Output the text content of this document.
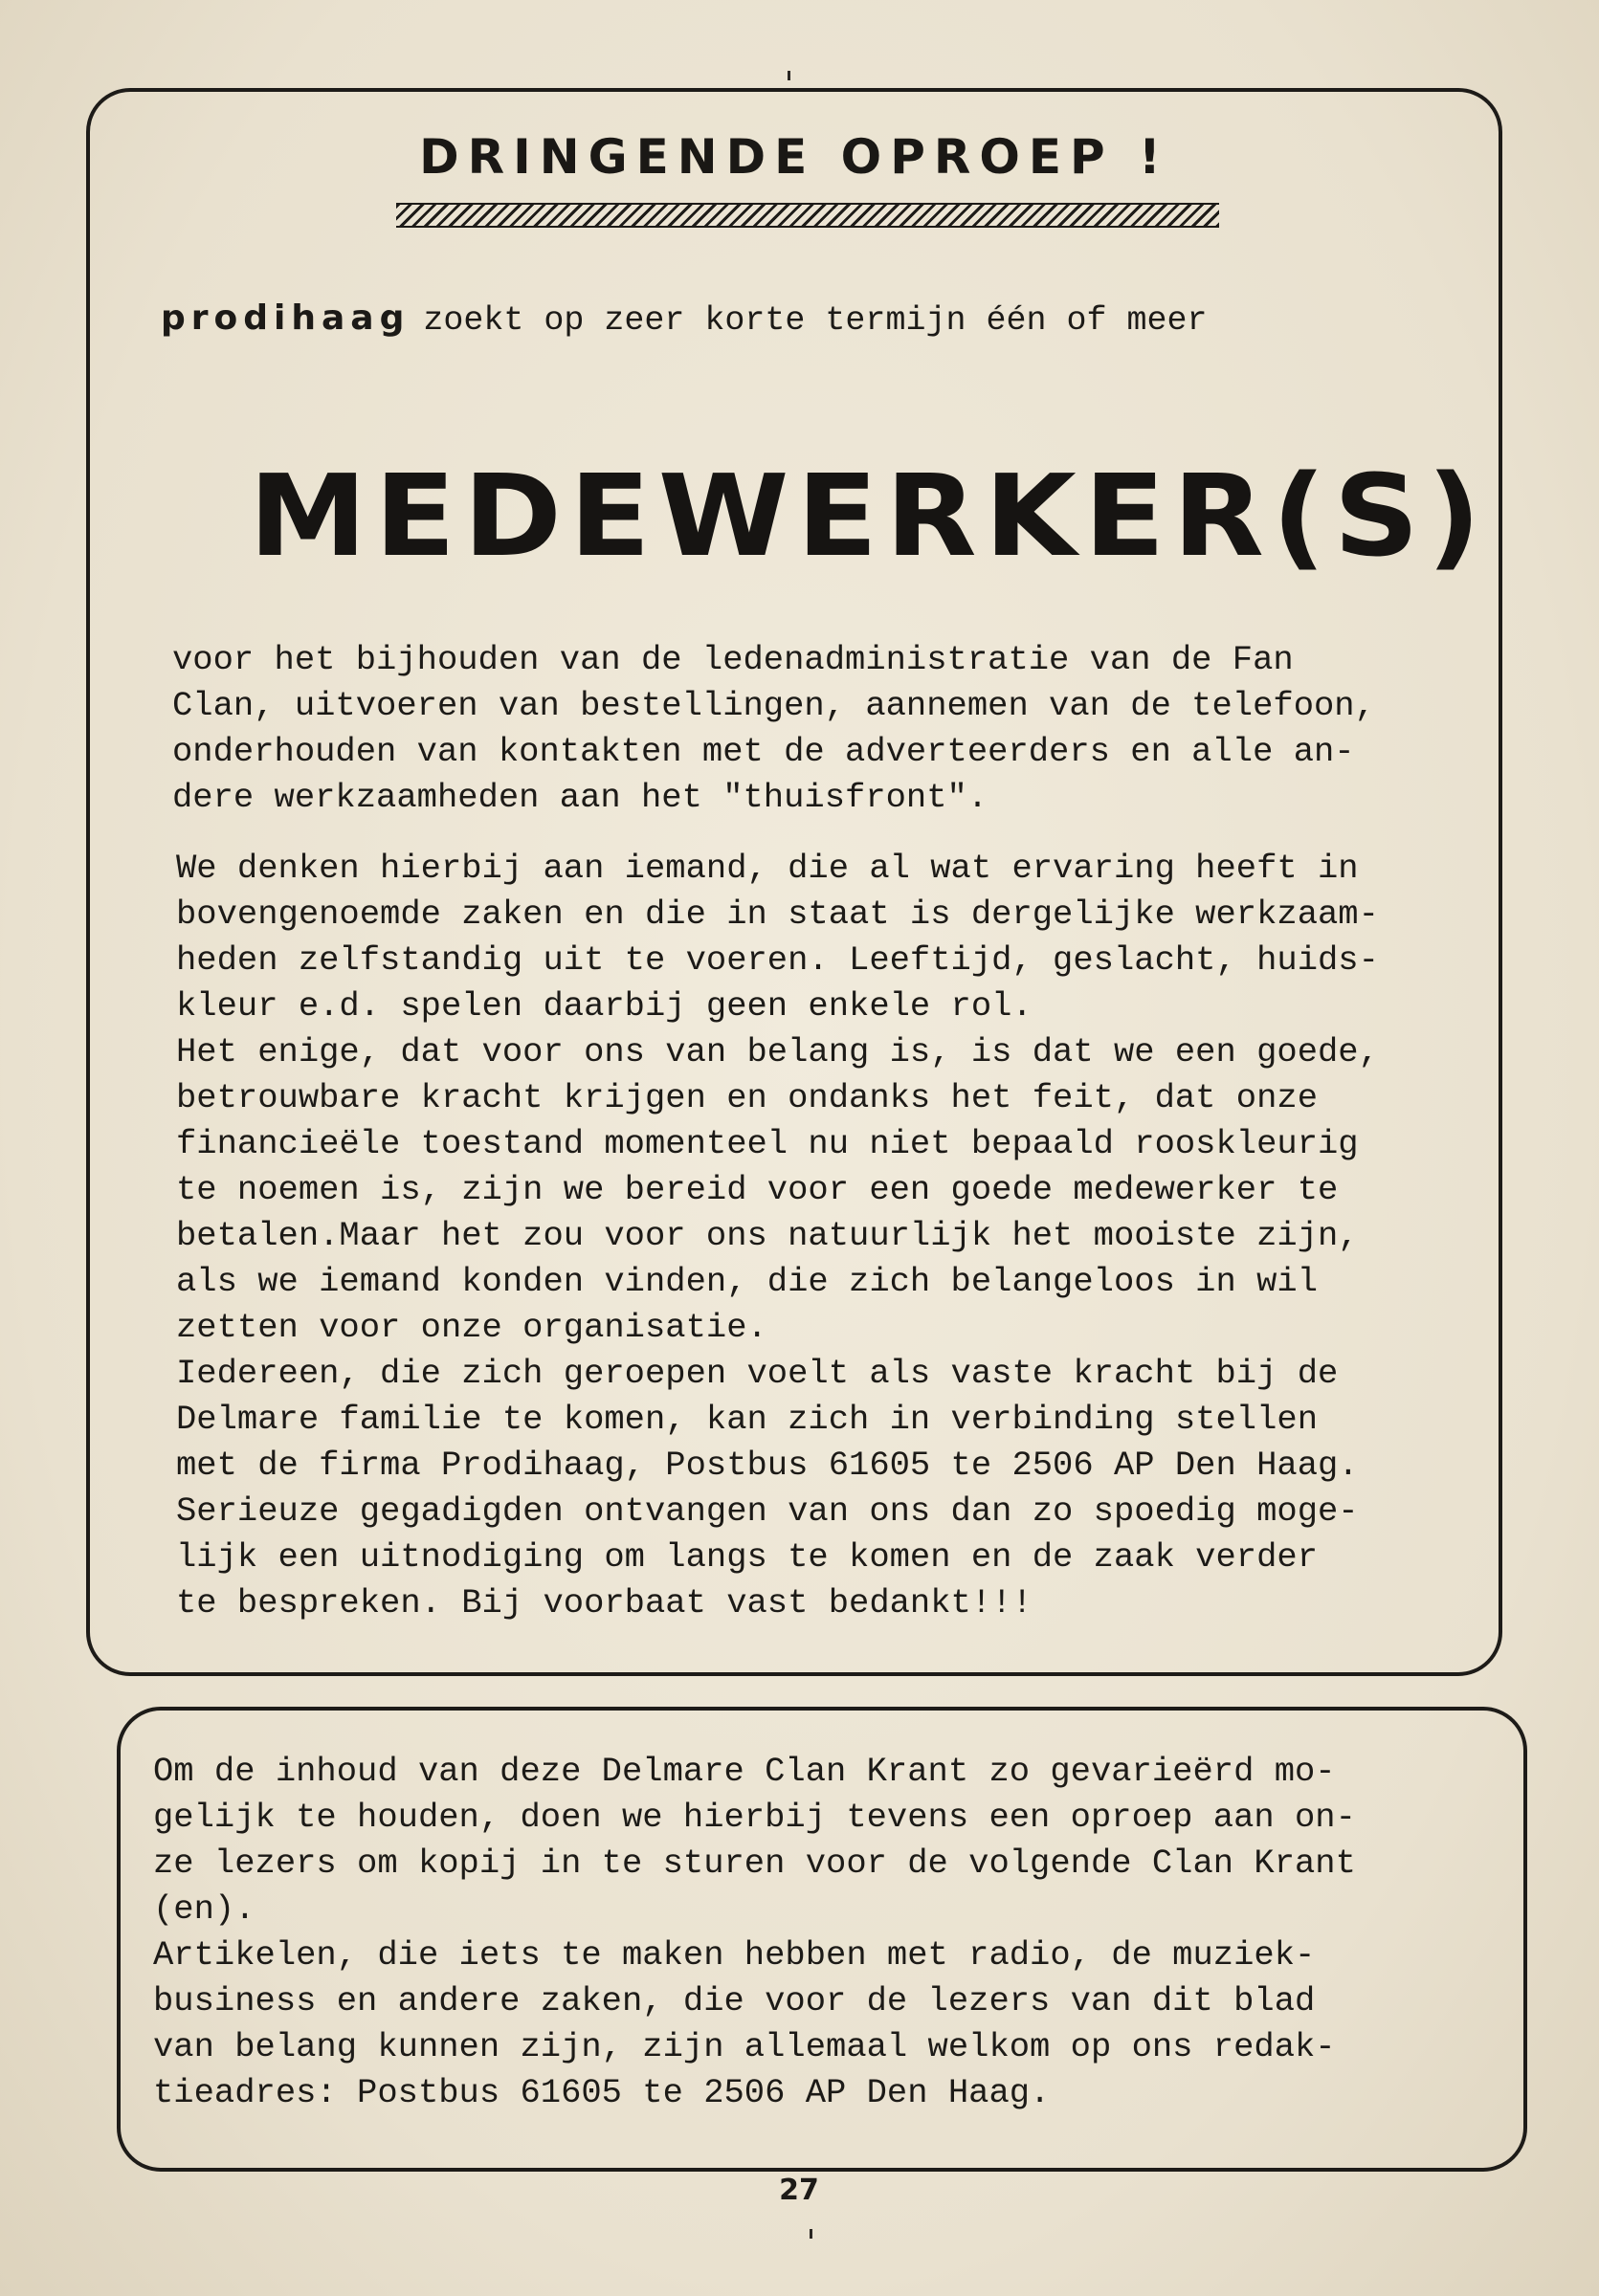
DRINGENDE OPROEP !
prodihaag zoekt op zeer korte termijn één of meer
MEDEWERKER(S)

voor het bijhouden van de ledenadministratie van de Fan
Clan, uitvoeren van bestellingen, aannemen van de telefoon,
onderhouden van kontakten met de adverteerders en alle an-
dere werkzaamheden aan het "thuisfront".

We denken hierbij aan iemand, die al wat ervaring heeft in
bovengenoemde zaken en die in staat is dergelijke werkzaam-
heden zelfstandig uit te voeren. Leeftijd, geslacht, huids-
kleur e.d. spelen daarbij geen enkele rol.
Het enige, dat voor ons van belang is, is dat we een goede,
betrouwbare kracht krijgen en ondanks het feit, dat onze
financieële toestand momenteel nu niet bepaald rooskleurig
te noemen is, zijn we bereid voor een goede medewerker te
betalen.Maar het zou voor ons natuurlijk het mooiste zijn,
als we iemand konden vinden, die zich belangeloos in wil
zetten voor onze organisatie.
Iedereen, die zich geroepen voelt als vaste kracht bij de
Delmare familie te komen, kan zich in verbinding stellen
met de firma Prodihaag, Postbus 61605 te 2506 AP Den Haag.
Serieuze gegadigden ontvangen van ons dan zo spoedig moge-
lijk een uitnodiging om langs te komen en de zaak verder
te bespreken. Bij voorbaat vast bedankt!!!

Om de inhoud van deze Delmare Clan Krant zo gevarieërd mo-
gelijk te houden, doen we hierbij tevens een oproep aan on-
ze lezers om kopij in te sturen voor de volgende Clan Krant
(en).
Artikelen, die iets te maken hebben met radio, de muziek-
business en andere zaken, die voor de lezers van dit blad
van belang kunnen zijn, zijn allemaal welkom op ons redak-
tieadres: Postbus 61605 te 2506 AP Den Haag.

27
